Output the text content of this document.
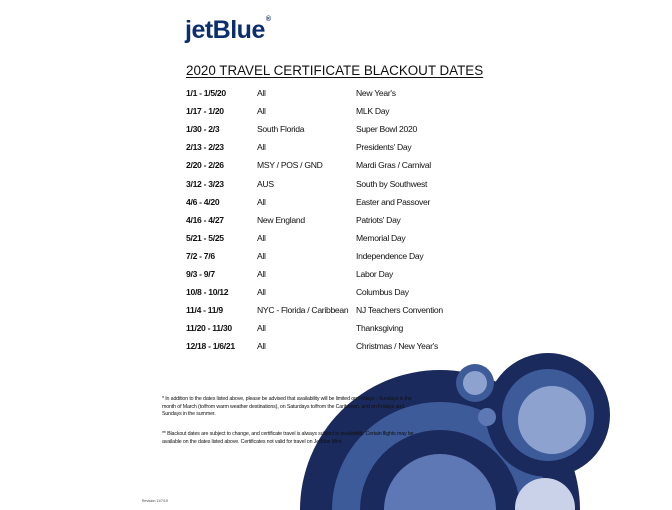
jetBlue®
2020 TRAVEL CERTIFICATE BLACKOUT DATES
1/1 - 1/5/20	All	New Year's
1/17 - 1/20	All	MLK Day
1/30 - 2/3	South Florida	Super Bowl 2020
2/13 - 2/23	All	Presidents' Day
2/20 - 2/26	MSY / POS / GND	Mardi Gras / Carnival
3/12 - 3/23	AUS	South by Southwest
4/6 - 4/20	All	Easter and Passover
4/16 - 4/27	New England	Patriots' Day
5/21 - 5/25	All	Memorial Day
7/2 - 7/6	All	Independence Day
9/3 - 9/7	All	Labor Day
10/8 - 10/12	All	Columbus Day
11/4 - 11/9	NYC - Florida / Caribbean	NJ Teachers Convention
11/20 - 11/30	All	Thanksgiving
12/18 - 1/6/21	All	Christmas / New Year's
* In addition to the dates listed above, please be advised that availability will be limited on Fridays - Sundays in the month of March (to/from warm weather destinations), on Saturdays to/from the Caribbean, and on Fridays and Sundays in the summer.
** Blackout dates are subject to change, and certificate travel is always subject to availability. Certain flights may be available on the dates listed above. Certificates not valid for travel on JetBlue Mint.
Revision 11/7/19
